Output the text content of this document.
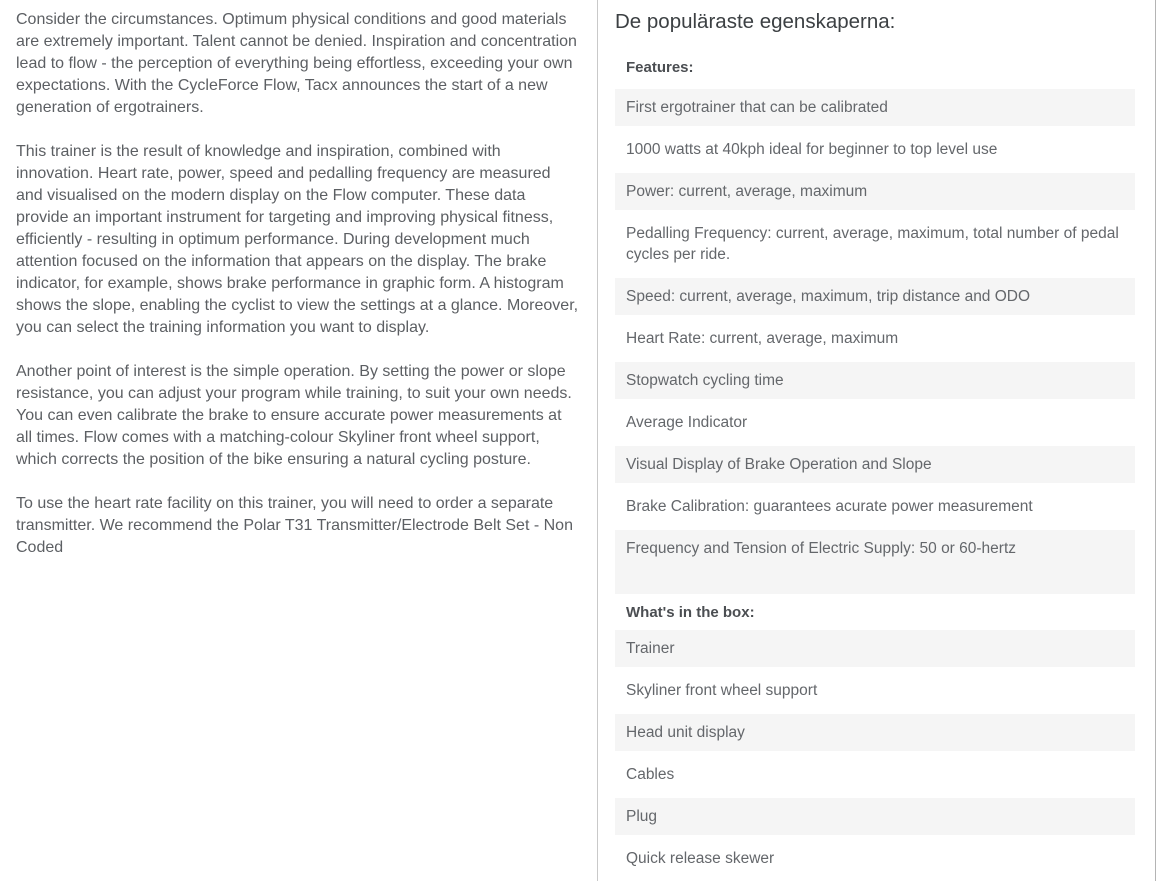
Consider the circumstances. Optimum physical conditions and good materials are extremely important. Talent cannot be denied. Inspiration and concentration lead to flow - the perception of everything being effortless, exceeding your own expectations. With the CycleForce Flow, Tacx announces the start of a new generation of ergotrainers.

This trainer is the result of knowledge and inspiration, combined with innovation. Heart rate, power, speed and pedalling frequency are measured and visualised on the modern display on the Flow computer. These data provide an important instrument for targeting and improving physical fitness, efficiently - resulting in optimum performance. During development much attention focused on the information that appears on the display. The brake indicator, for example, shows brake performance in graphic form. A histogram shows the slope, enabling the cyclist to view the settings at a glance. Moreover, you can select the training information you want to display.

Another point of interest is the simple operation. By setting the power or slope resistance, you can adjust your program while training, to suit your own needs. You can even calibrate the brake to ensure accurate power measurements at all times. Flow comes with a matching-colour Skyliner front wheel support, which corrects the position of the bike ensuring a natural cycling posture.

To use the heart rate facility on this trainer, you will need to order a separate transmitter. We recommend the Polar T31 Transmitter/Electrode Belt Set - Non Coded

De populäraste egenskaperna:
Features:
First ergotrainer that can be calibrated
1000 watts at 40kph ideal for beginner to top level use
Power: current, average, maximum
Pedalling Frequency: current, average, maximum, total number of pedal cycles per ride.
Speed: current, average, maximum, trip distance and ODO
Heart Rate: current, average, maximum
Stopwatch cycling time
Average Indicator
Visual Display of Brake Operation and Slope
Brake Calibration: guarantees acurate power measurement
Frequency and Tension of Electric Supply: 50 or 60-hertz
What's in the box:
Trainer
Skyliner front wheel support
Head unit display
Cables
Plug
Quick release skewer
